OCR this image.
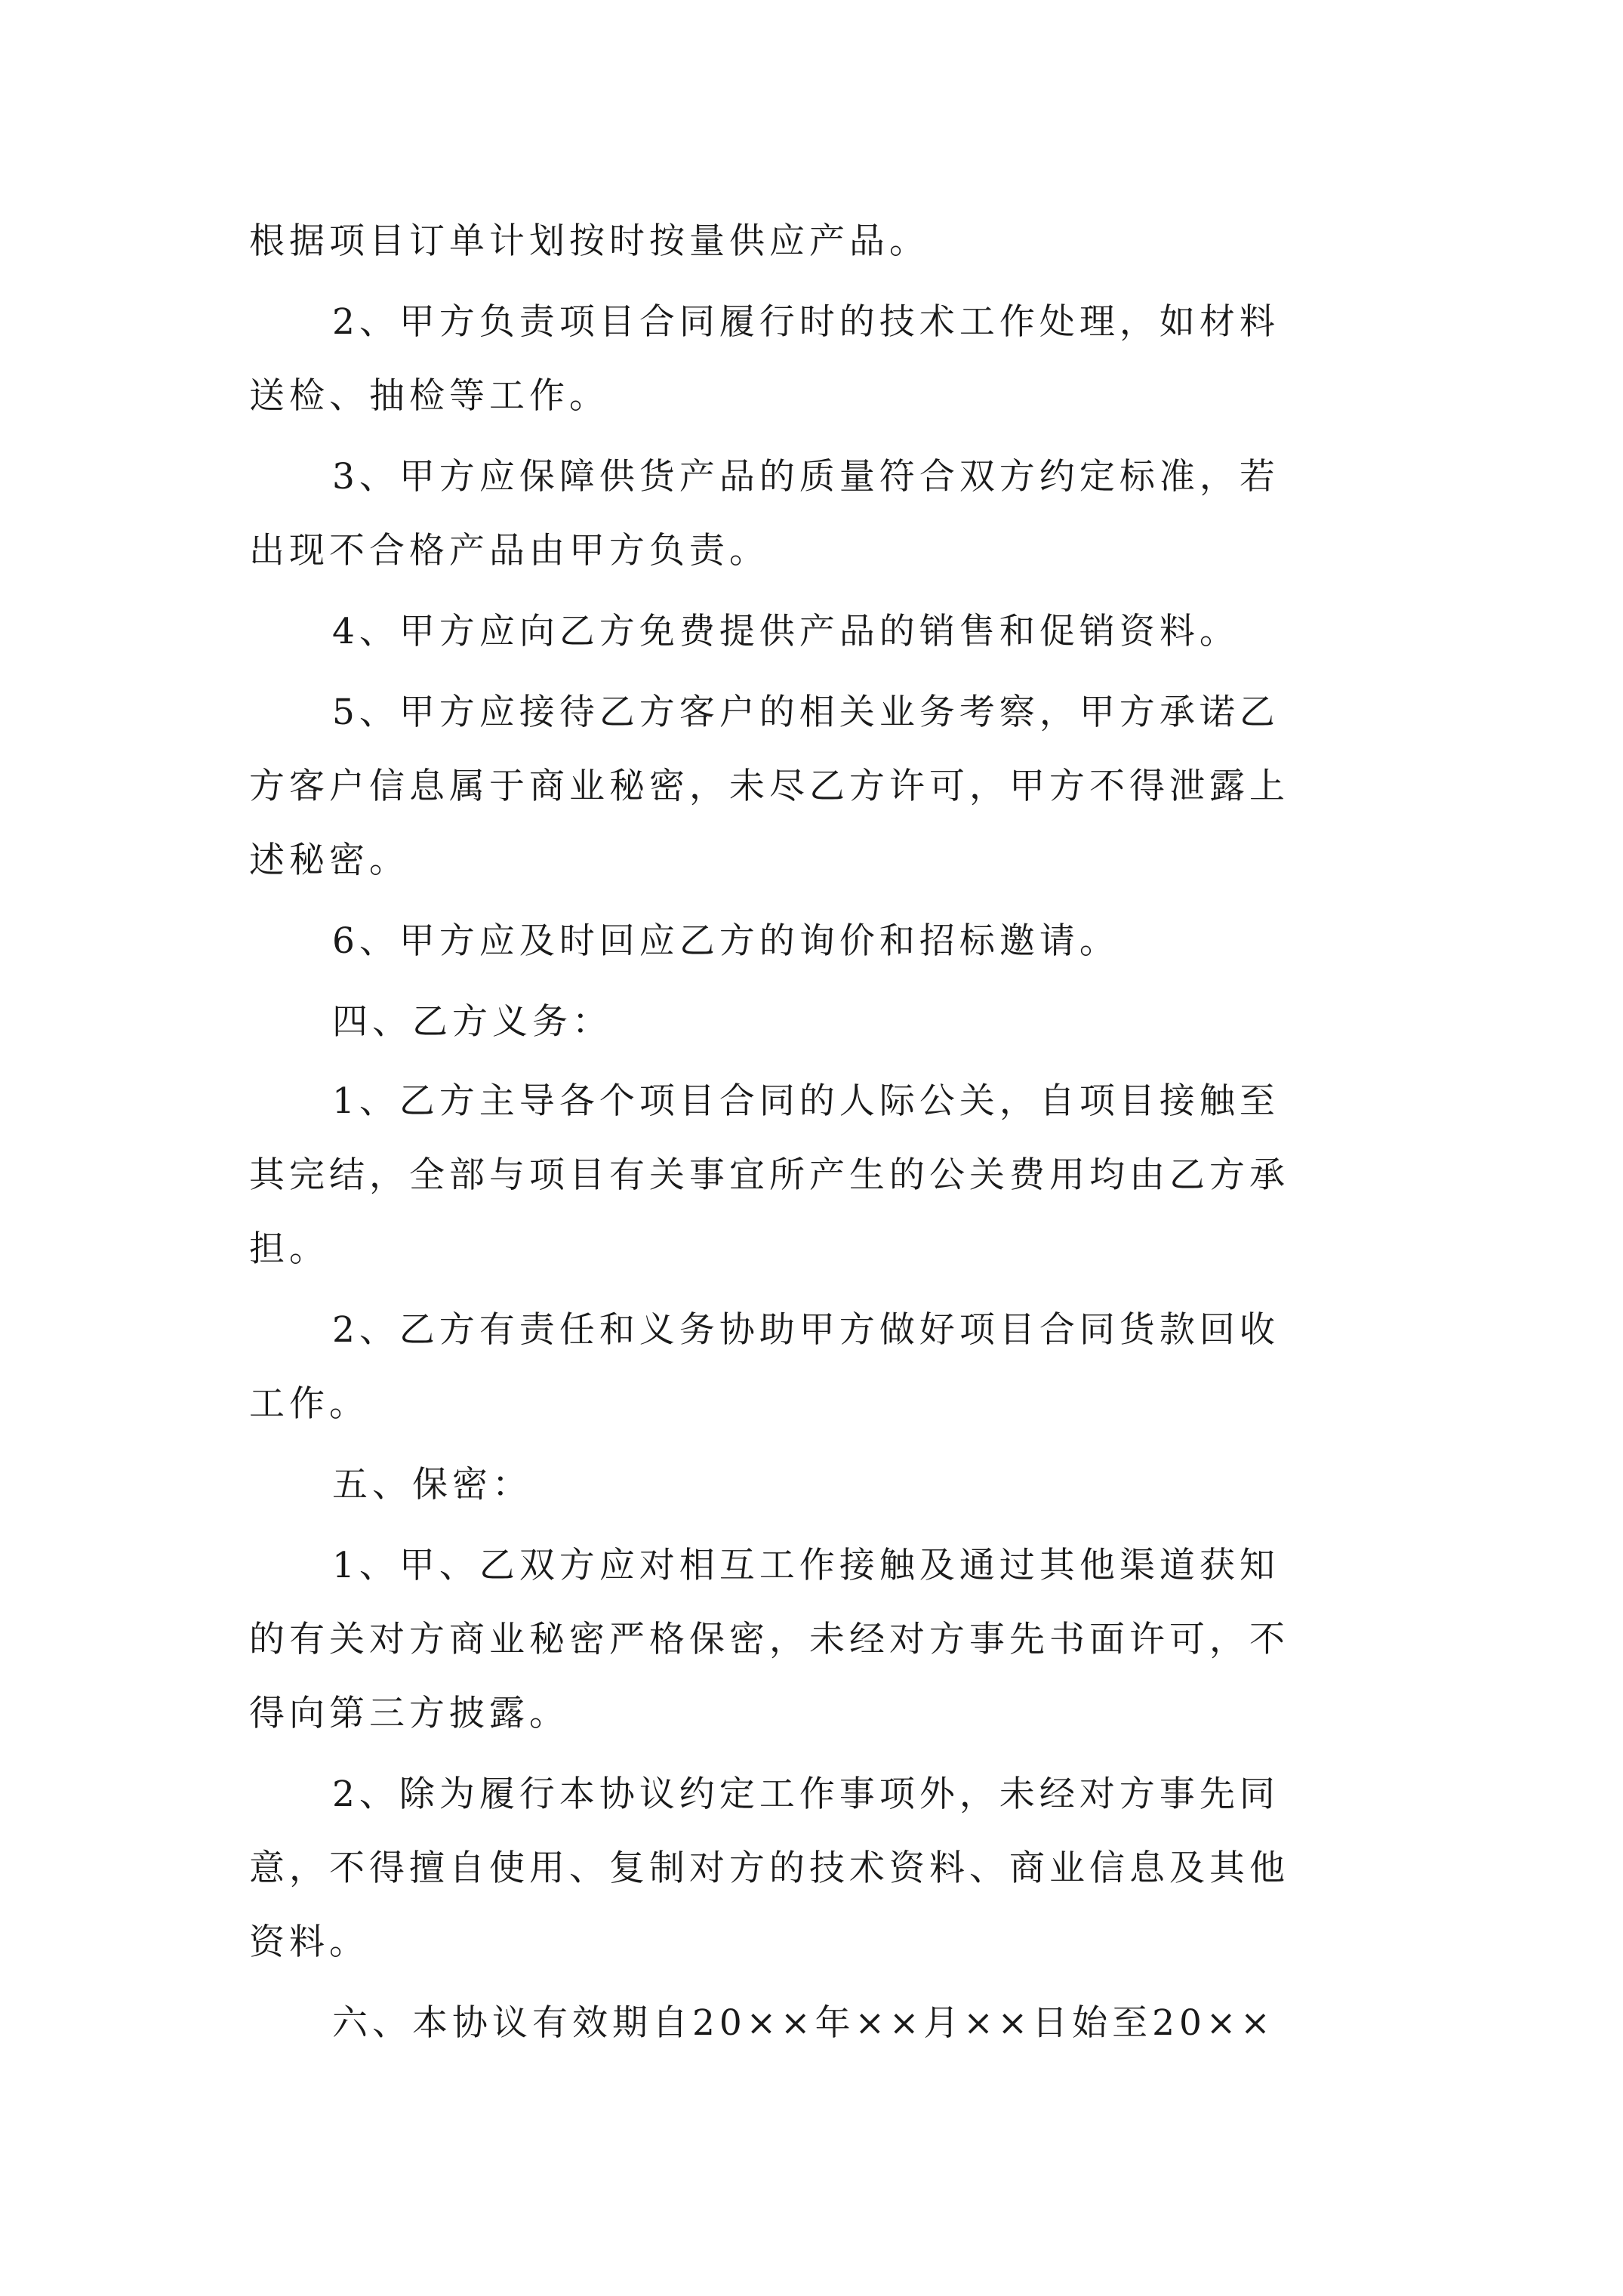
根据项目订单计划按时按量供应产品。

2、甲方负责项目合同履行时的技术工作处理，如材料

送检、抽检等工作。

3、甲方应保障供货产品的质量符合双方约定标准，若

出现不合格产品由甲方负责。

4、甲方应向乙方免费提供产品的销售和促销资料。

5、甲方应接待乙方客户的相关业务考察，甲方承诺乙

方客户信息属于商业秘密，未尽乙方许可，甲方不得泄露上

述秘密。

6、甲方应及时回应乙方的询价和招标邀请。

四、乙方义务：

1、乙方主导各个项目合同的人际公关，自项目接触至

其完结，全部与项目有关事宜所产生的公关费用均由乙方承

担。

2、乙方有责任和义务协助甲方做好项目合同货款回收

工作。

五、保密：

1、甲、乙双方应对相互工作接触及通过其他渠道获知

的有关对方商业秘密严格保密，未经对方事先书面许可，不

得向第三方披露。

2、除为履行本协议约定工作事项外，未经对方事先同

意，不得擅自使用、复制对方的技术资料、商业信息及其他

资料。

六、本协议有效期自20××年××月××日始至20××
